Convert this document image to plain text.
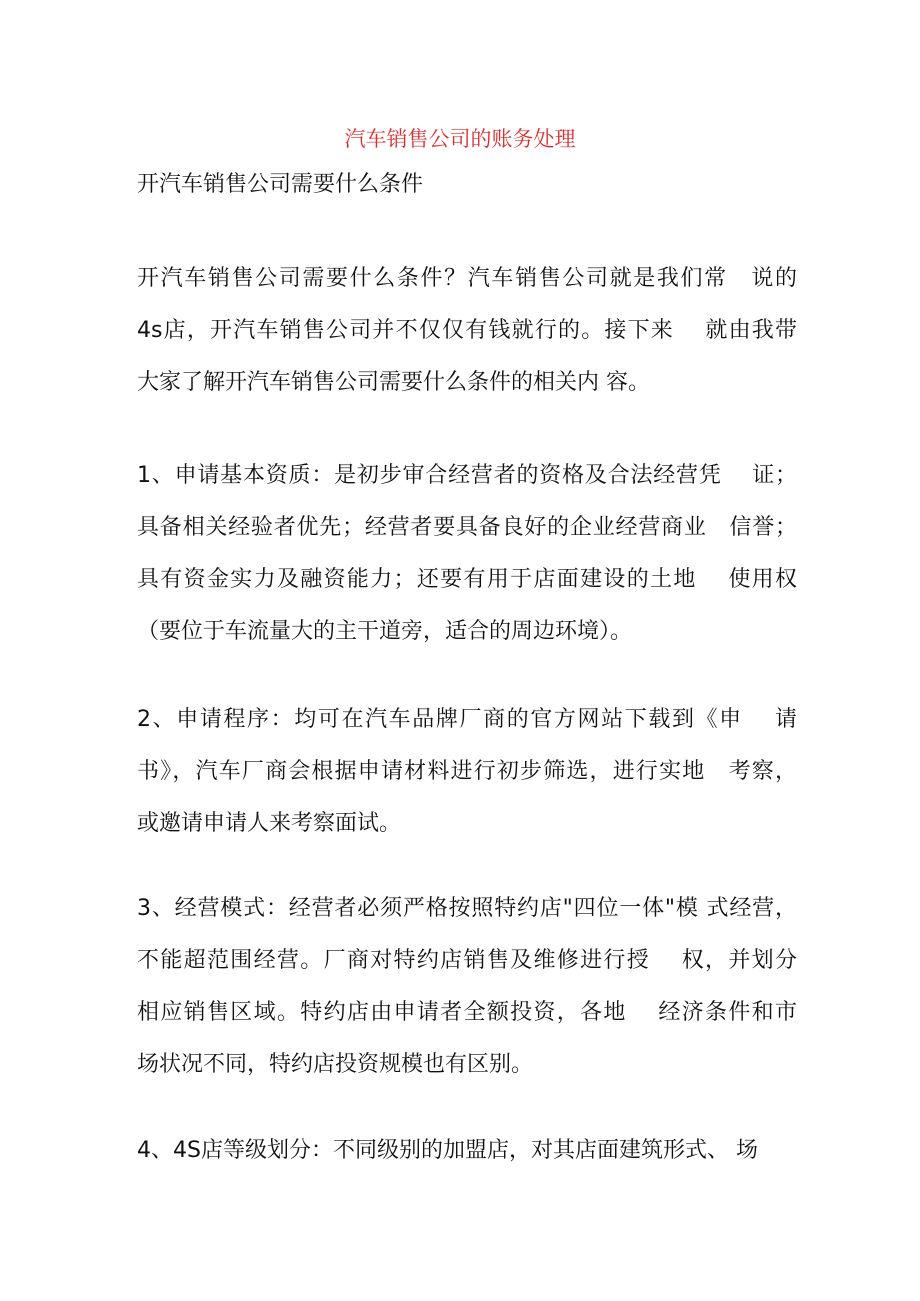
汽车销售公司的账务处理
开汽车销售公司需要什么条件
开汽车销售公司需要什么条件？汽车销售公司就是我们常　说的
4s店，开汽车销售公司并不仅仅有钱就行的。接下来　 就由我带
大家了解开汽车销售公司需要什么条件的相关内 容。
1、申请基本资质：是初步审合经营者的资格及合法经营凭　 证；
具备相关经验者优先；经营者要具备良好的企业经营商业　信誉；
具有资金实力及融资能力；还要有用于店面建设的土地　 使用权
（要位于车流量大的主干道旁，适合的周边环境）。
2、申请程序：均可在汽车品牌厂商的官方网站下载到《申　 请
书》，汽车厂商会根据申请材料进行初步筛选，进行实地　考察，
或邀请申请人来考察面试。
3、经营模式：经营者必须严格按照特约店"四位一体"模 式经营，
不能超范围经营。厂商对特约店销售及维修进行授　 权，并划分
相应销售区域。特约店由申请者全额投资，各地　 经济条件和市
场状况不同，特约店投资规模也有区别。
4、4S店等级划分：不同级别的加盟店，对其店面建筑形式、 场
